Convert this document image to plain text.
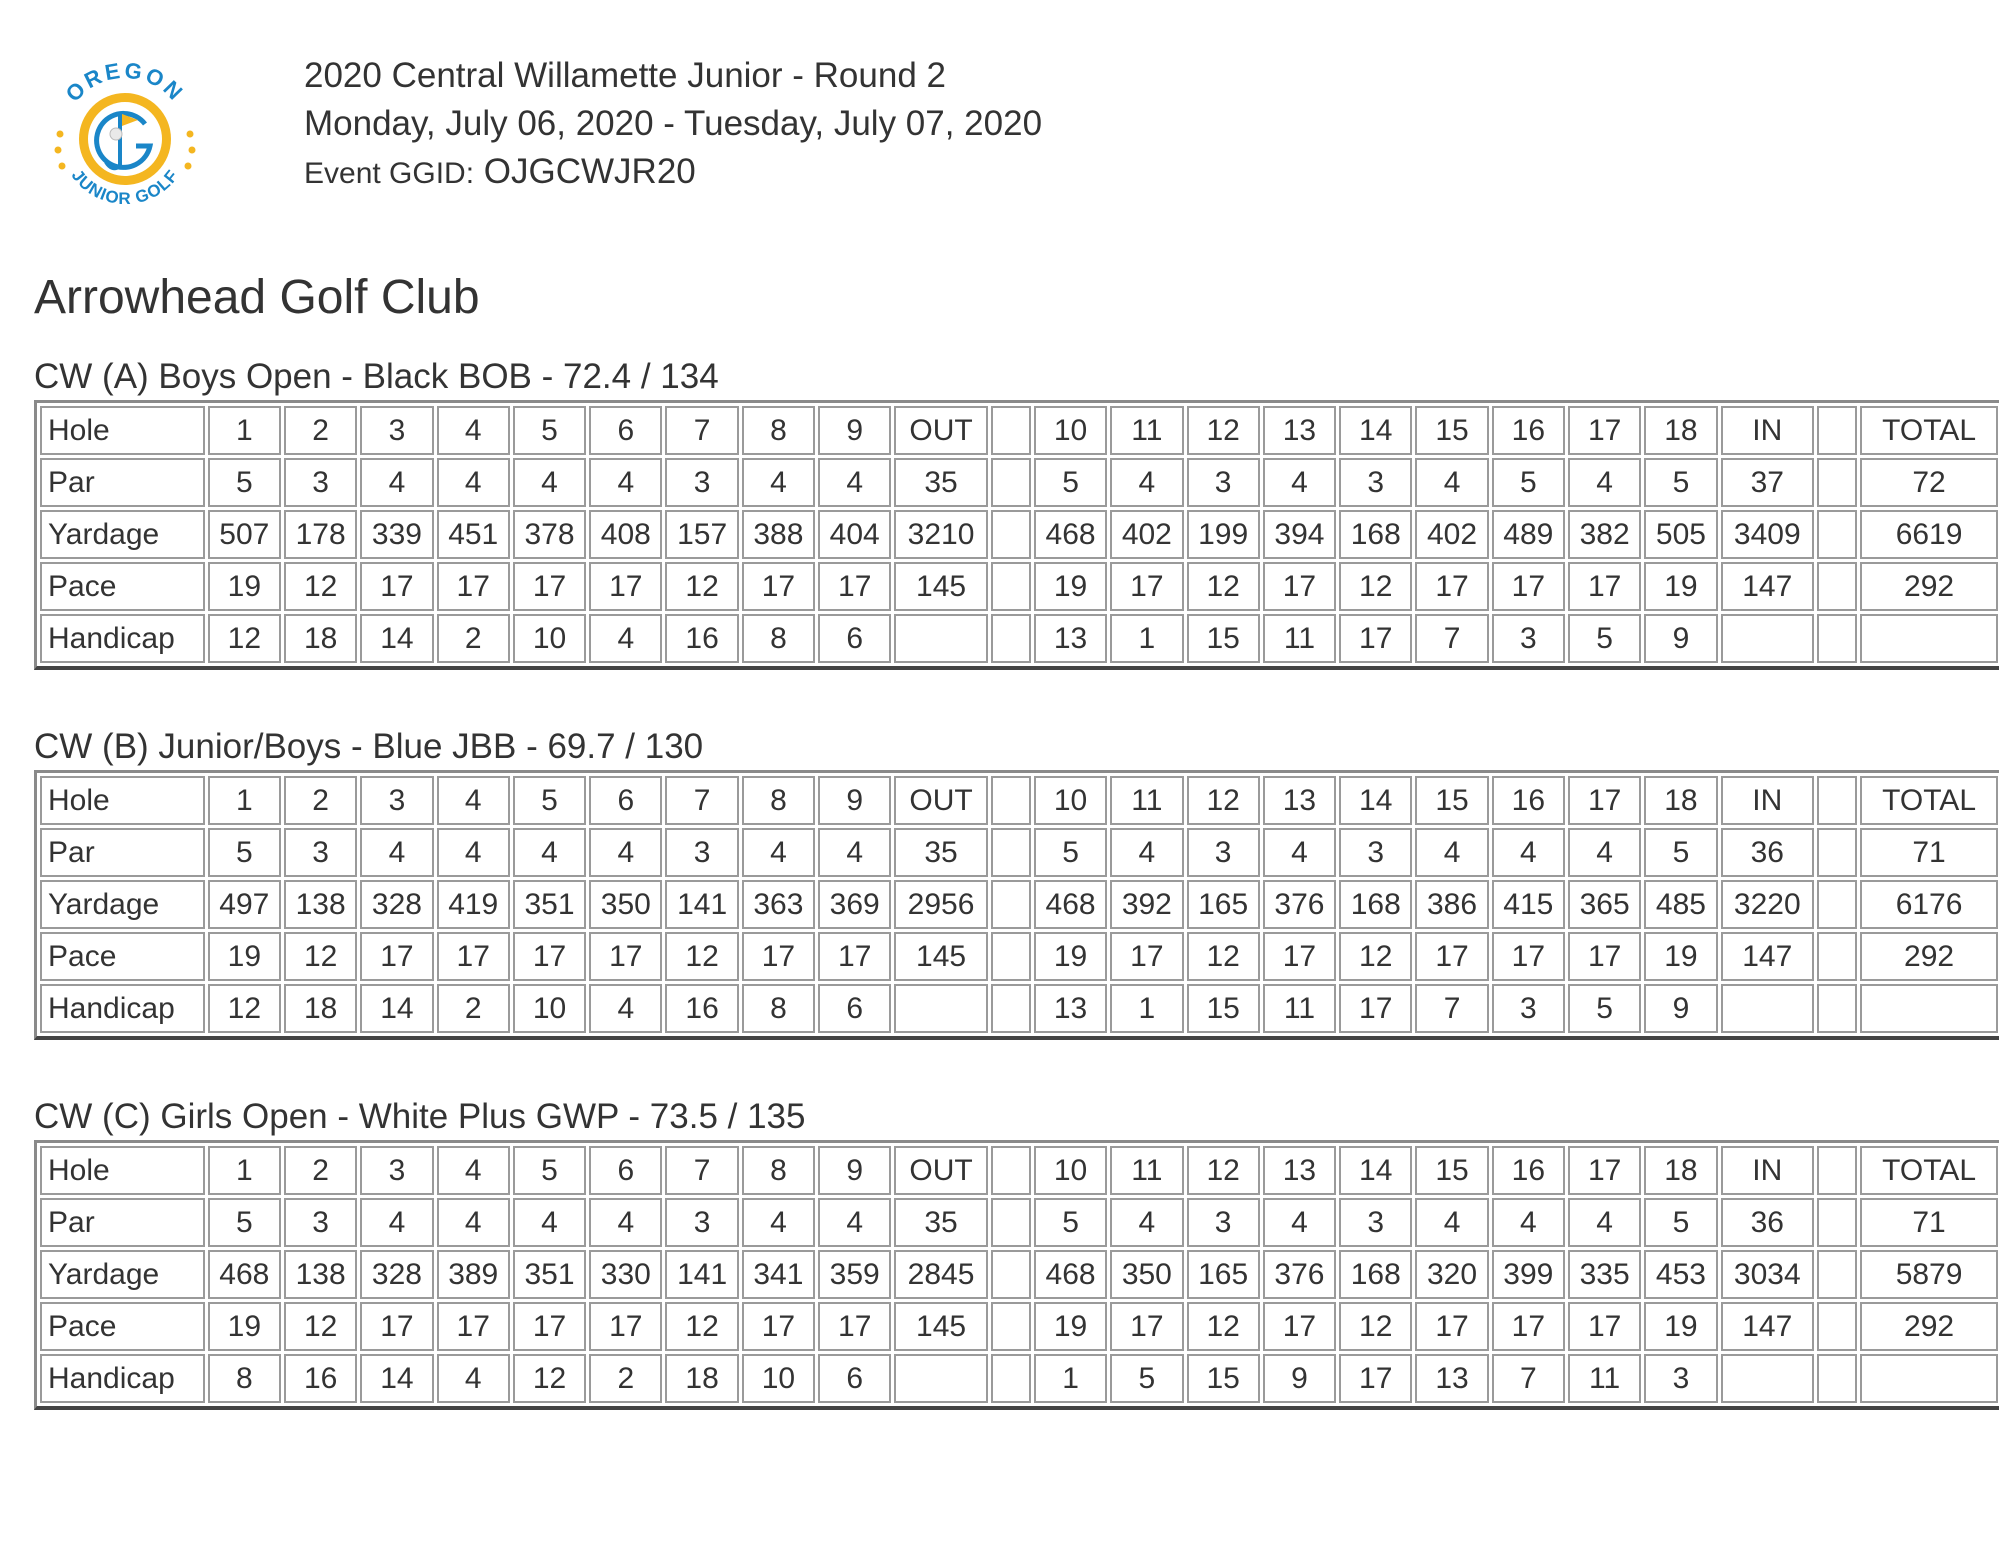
OREGON
JUNIOR GOLF
2020 Central Willamette Junior - Round 2
Monday, July 06, 2020 - Tuesday, July 07, 2020
Event GGID: OJGCWJR20
Arrowhead Golf Club
CW (A) Boys Open - Black BOB - 72.4 / 134
Hole	1	2	3	4	5	6	7	8	9	OUT		10	11	12	13	14	15	16	17	18	IN		TOTAL
Par	5	3	4	4	4	4	3	4	4	35		5	4	3	4	3	4	5	4	5	37		72
Yardage	507	178	339	451	378	408	157	388	404	3210		468	402	199	394	168	402	489	382	505	3409		6619
Pace	19	12	17	17	17	17	12	17	17	145		19	17	12	17	12	17	17	17	19	147		292
Handicap	12	18	14	2	10	4	16	8	6			13	1	15	11	17	7	3	5	9			
CW (B) Junior/Boys - Blue JBB - 69.7 / 130
Hole	1	2	3	4	5	6	7	8	9	OUT		10	11	12	13	14	15	16	17	18	IN		TOTAL
Par	5	3	4	4	4	4	3	4	4	35		5	4	3	4	3	4	4	4	5	36		71
Yardage	497	138	328	419	351	350	141	363	369	2956		468	392	165	376	168	386	415	365	485	3220		6176
Pace	19	12	17	17	17	17	12	17	17	145		19	17	12	17	12	17	17	17	19	147		292
Handicap	12	18	14	2	10	4	16	8	6			13	1	15	11	17	7	3	5	9			
CW (C) Girls Open - White Plus GWP - 73.5 / 135
Hole	1	2	3	4	5	6	7	8	9	OUT		10	11	12	13	14	15	16	17	18	IN		TOTAL
Par	5	3	4	4	4	4	3	4	4	35		5	4	3	4	3	4	4	4	5	36		71
Yardage	468	138	328	389	351	330	141	341	359	2845		468	350	165	376	168	320	399	335	453	3034		5879
Pace	19	12	17	17	17	17	12	17	17	145		19	17	12	17	12	17	17	17	19	147		292
Handicap	8	16	14	4	12	2	18	10	6			1	5	15	9	17	13	7	11	3			
